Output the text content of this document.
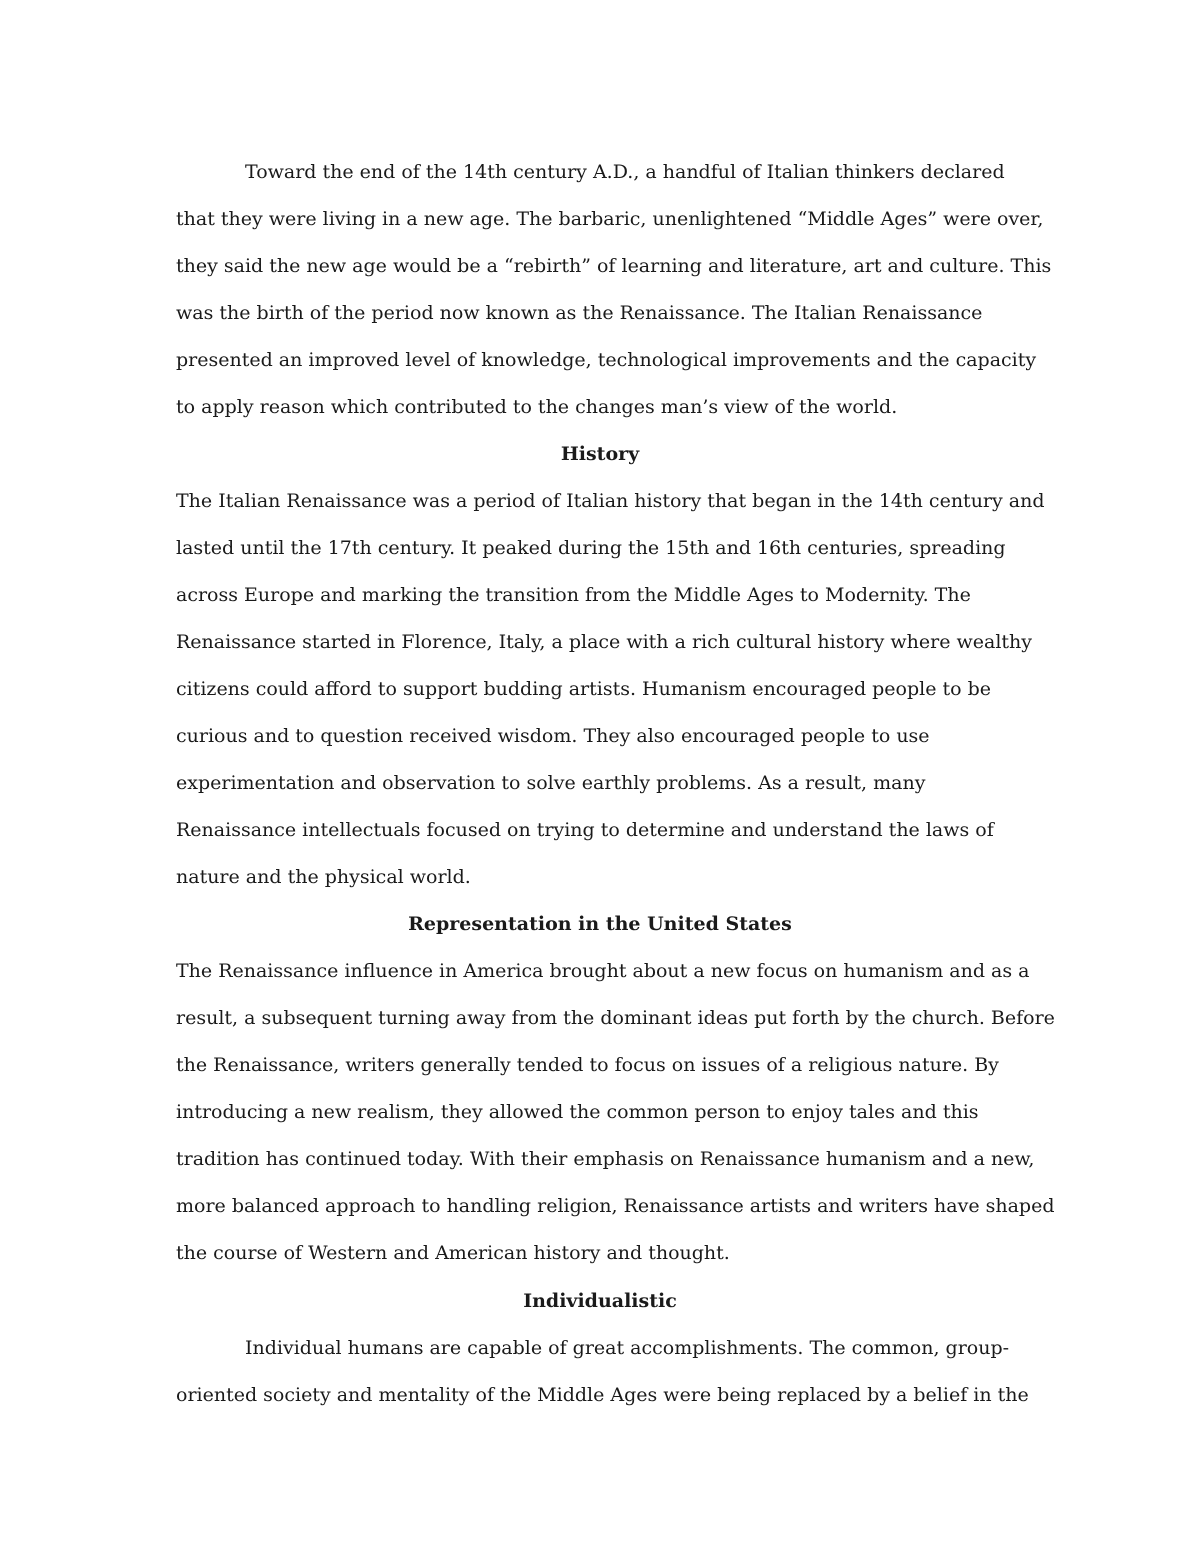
Toward the end of the 14th century A.D., a handful of Italian thinkers declared

that they were living in a new age. The barbaric, unenlightened “Middle Ages” were over,

they said the new age would be a “rebirth” of learning and literature, art and culture. This

was the birth of the period now known as the Renaissance. The Italian Renaissance

presented an improved level of knowledge, technological improvements and the capacity

to apply reason which contributed to the changes man’s view of the world.

History

The Italian Renaissance was a period of Italian history that began in the 14th century and

lasted until the 17th century. It peaked during the 15th and 16th centuries, spreading

across Europe and marking the transition from the Middle Ages to Modernity. The

Renaissance started in Florence, Italy, a place with a rich cultural history where wealthy

citizens could afford to support budding artists. Humanism encouraged people to be

curious and to question received wisdom. They also encouraged people to use

experimentation and observation to solve earthly problems. As a result, many

Renaissance intellectuals focused on trying to determine and understand the laws of

nature and the physical world.

Representation in the United States

The Renaissance influence in America brought about a new focus on humanism and as a

result, a subsequent turning away from the dominant ideas put forth by the church. Before

the Renaissance, writers generally tended to focus on issues of a religious nature. By

introducing a new realism, they allowed the common person to enjoy tales and this

tradition has continued today. With their emphasis on Renaissance humanism and a new,

more balanced approach to handling religion, Renaissance artists and writers have shaped

the course of Western and American history and thought.

Individualistic

Individual humans are capable of great accomplishments. The common, group-

oriented society and mentality of the Middle Ages were being replaced by a belief in the
